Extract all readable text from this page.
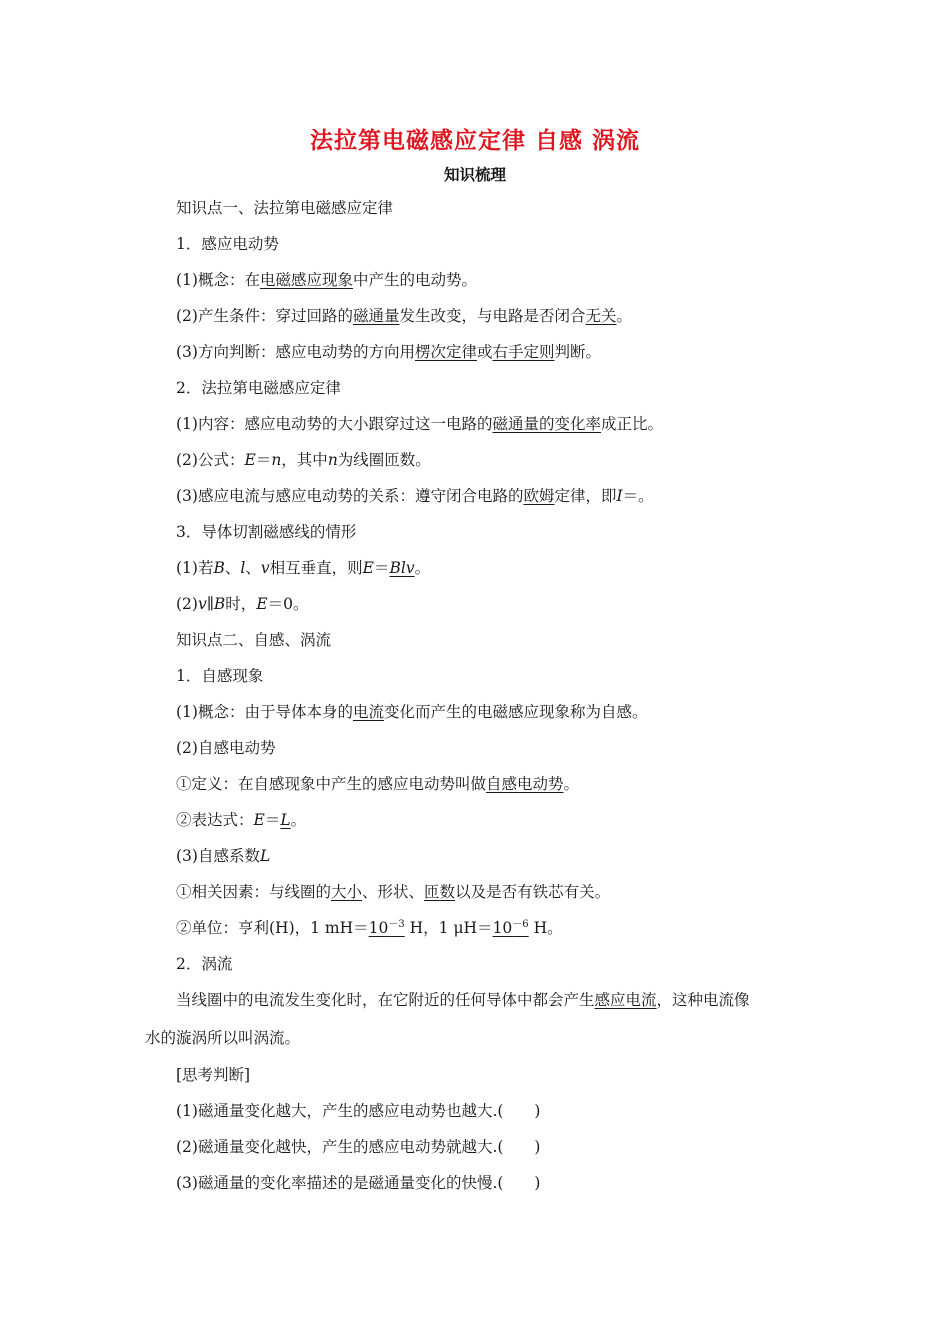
法拉第电磁感应定律 自感 涡流
知识梳理
知识点一、法拉第电磁感应定律
1．感应电动势
(1)概念：在电磁感应现象中产生的电动势。
(2)产生条件：穿过回路的磁通量发生改变，与电路是否闭合无关。
(3)方向判断：感应电动势的方向用楞次定律或右手定则判断。
2．法拉第电磁感应定律
(1)内容：感应电动势的大小跟穿过这一电路的磁通量的变化率成正比。
(2)公式：E＝n，其中n为线圈匝数。
(3)感应电流与感应电动势的关系：遵守闭合电路的欧姆定律，即I＝。
3．导体切割磁感线的情形
(1)若B、l、v相互垂直，则E＝Blv。
(2)v∥B时，E＝0。
知识点二、自感、涡流
1．自感现象
(1)概念：由于导体本身的电流变化而产生的电磁感应现象称为自感。
(2)自感电动势
①定义：在自感现象中产生的感应电动势叫做自感电动势。
②表达式：E＝L。
(3)自感系数L
①相关因素：与线圈的大小、形状、匝数以及是否有铁芯有关。
②单位：亨利(H)，1 $mH=10^{-3}$ H，1 $\mu H=10^{-6}$ H。
2．涡流
当线圈中的电流发生变化时，在它附近的任何导体中都会产生感应电流，这种电流像
水的漩涡所以叫涡流。
[思考判断]
(1)磁通量变化越大，产生的感应电动势也越大.(　　)
(2)磁通量变化越快，产生的感应电动势就越大.(　　)
(3)磁通量的变化率描述的是磁通量变化的快慢.(　　)
